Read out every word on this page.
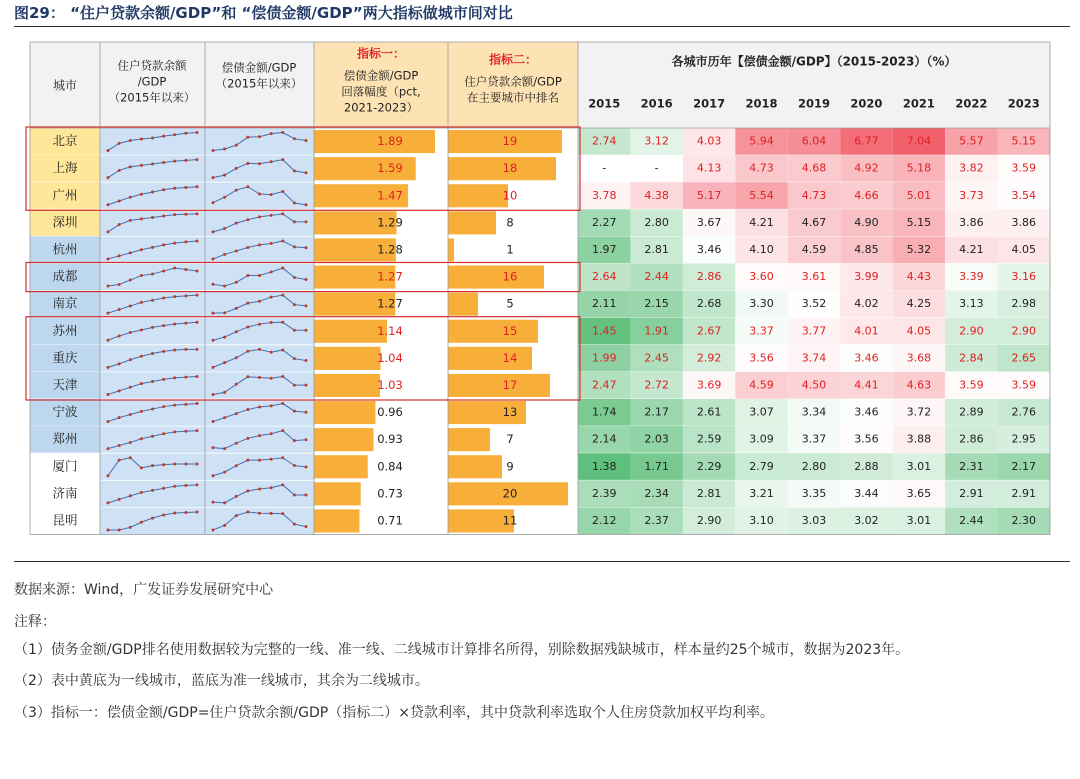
图29： “住户贷款余额/GDP”和 “偿债金额/GDP”两大指标做城市间对比
城市
住户贷款余额
/GDP
（2015年以来）
偿债金额/GDP
（2015年以来）
指标一：
偿债金额/GDP
回落幅度（pct,
2021-2023）
指标二：
住户贷款余额/GDP
在主要城市中排名
各城市历年【偿债金额/GDP】（2015-2023）（%）
2015 2016 2017 2018 2019 2020 2021 2022 2023
北京	1.89	19	2.74	3.12	4.03	5.94	6.04	6.77	7.04	5.57	5.15
上海	1.59	18	-	-	4.13	4.73	4.68	4.92	5.18	3.82	3.59
广州	1.47	10	3.78	4.38	5.17	5.54	4.73	4.66	5.01	3.73	3.54
深圳	1.29	8	2.27	2.80	3.67	4.21	4.67	4.90	5.15	3.86	3.86
杭州	1.28	1	1.97	2.81	3.46	4.10	4.59	4.85	5.32	4.21	4.05
成都	1.27	16	2.64	2.44	2.86	3.60	3.61	3.99	4.43	3.39	3.16
南京	1.27	5	2.11	2.15	2.68	3.30	3.52	4.02	4.25	3.13	2.98
苏州	1.14	15	1.45	1.91	2.67	3.37	3.77	4.01	4.05	2.90	2.90
重庆	1.04	14	1.99	2.45	2.92	3.56	3.74	3.46	3.68	2.84	2.65
天津	1.03	17	2.47	2.72	3.69	4.59	4.50	4.41	4.63	3.59	3.59
宁波	0.96	13	1.74	2.17	2.61	3.07	3.34	3.46	3.72	2.89	2.76
郑州	0.93	7	2.14	2.03	2.59	3.09	3.37	3.56	3.88	2.86	2.95
厦门	0.84	9	1.38	1.71	2.29	2.79	2.80	2.88	3.01	2.31	2.17
济南	0.73	20	2.39	2.34	2.81	3.21	3.35	3.44	3.65	2.91	2.91
昆明	0.71	11	2.12	2.37	2.90	3.10	3.03	3.02	3.01	2.44	2.30
数据来源：Wind，广发证券发展研究中心
注释：
（1）债务金额/GDP排名使用数据较为完整的一线、准一线、二线城市计算排名所得，别除数据残缺城市，样本量约25个城市，数据为2023年。
（2）表中黄底为一线城市，蓝底为准一线城市，其余为二线城市。
（3）指标一：偿债金额/GDP=住户贷款余额/GDP（指标二）×贷款利率，其中贷款利率选取个人住房贷款加权平均利率。
